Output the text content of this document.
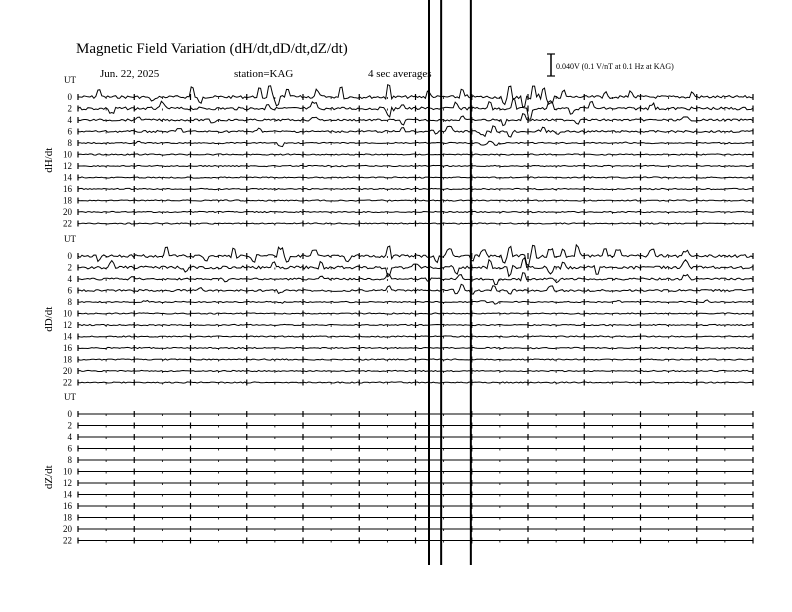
Magnetic Field Variation (dH/dt,dD/dt,dZ/dt)
Jun. 22, 2025	station=KAG	4 sec averages
0.040V (0.1 V/nT at 0.1 Hz at KAG)
UT
dH/dt
0
2
4
6
8
10
12
14
16
18
20
22
UT
dD/dt
0
2
4
6
8
10
12
14
16
18
20
22
UT
dZ/dt
0
2
4
6
8
10
12
14
16
18
20
22
